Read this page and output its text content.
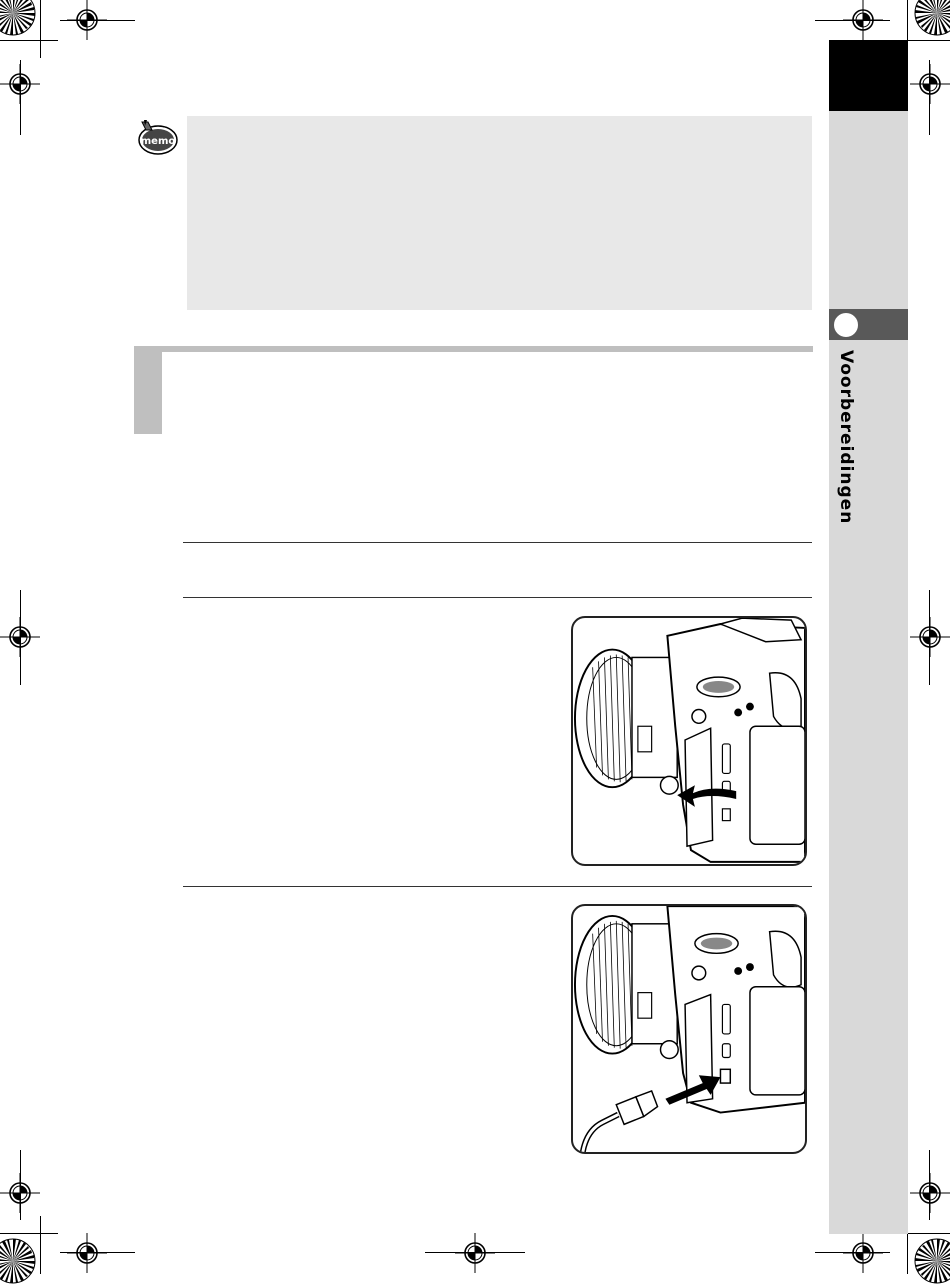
Voorbereidingen
memo
